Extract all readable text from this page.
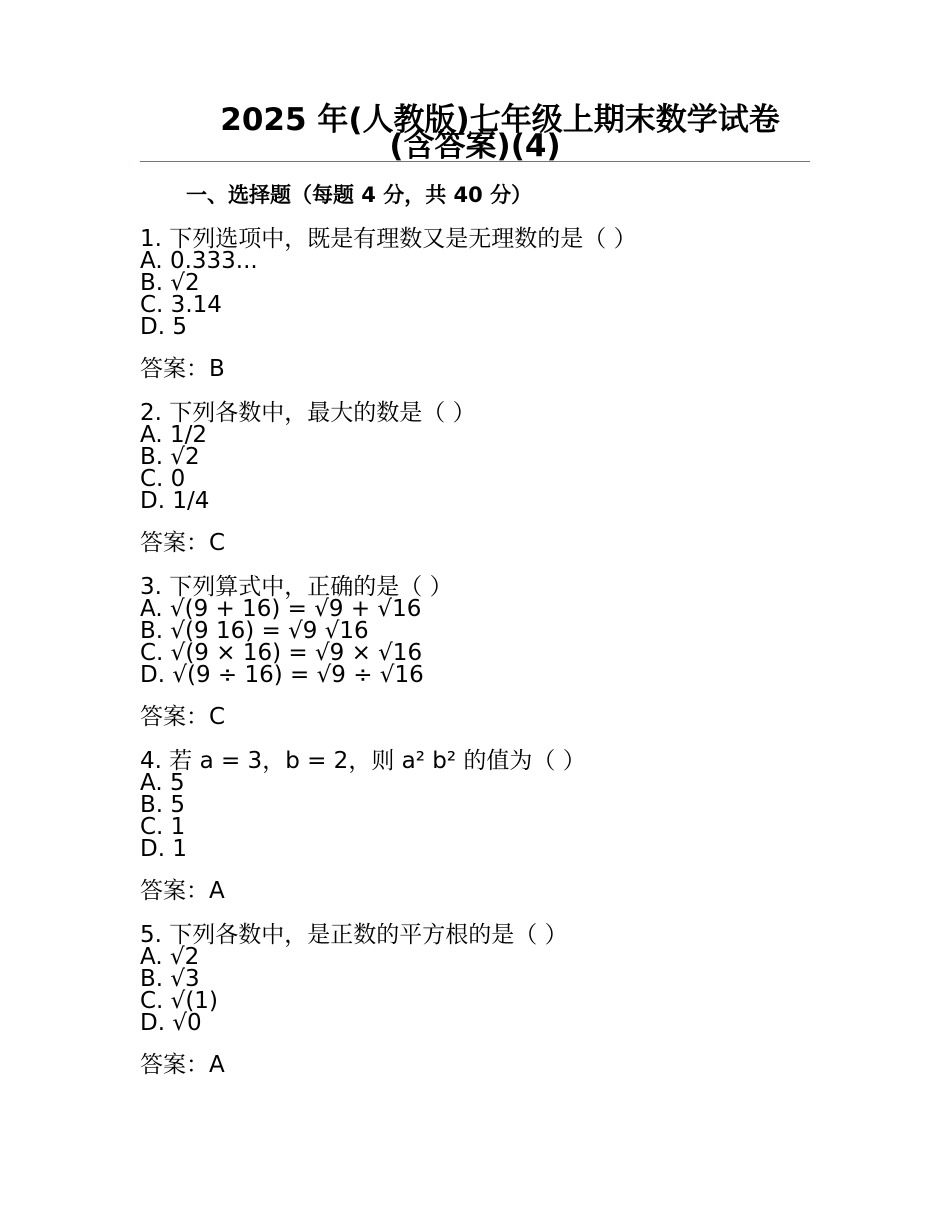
2025 年(人教版)七年级上期末数学试卷
(含答案)(4)
一、选择题（每题 4 分，共 40 分）

1. 下列选项中，既是有理数又是无理数的是（ ）

A. 0.333...

B. √2

C. 3.14

D. 5

答案：B

2. 下列各数中，最大的数是（ ）

A. 1/2

B. √2

C. 0

D. 1/4

答案：C

3. 下列算式中，正确的是（ ）

A. √(9 + 16) = √9 + √16

B. √(9 16) = √9 √16

C. √(9 × 16) = √9 × √16

D. √(9 ÷ 16) = √9 ÷ √16

答案：C

4. 若 a = 3，b = 2，则 a² b² 的值为（ ）

A. 5

B. 5

C. 1

D. 1

答案：A

5. 下列各数中，是正数的平方根的是（ ）

A. √2

B. √3

C. √(1)

D. √0

答案：A
